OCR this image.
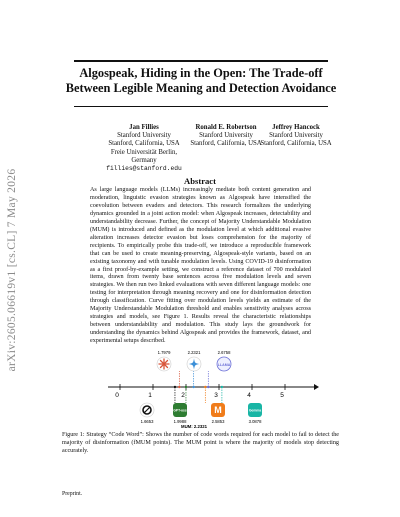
arXiv:2605.06619v1 [cs.CL] 7 May 2026
Algospeak, Hiding in the Open: The Trade-off Between Legible Meaning and Detection Avoidance
Jan Fillies
Stanford University
Stanford, California, USA
Freie Universität Berlin, Germany
fillies@stanford.edu
Ronald E. Robertson
Stanford University
Stanford, California, USA
Jeffrey Hancock
Stanford University
Stanford, California, USA
Abstract
As large language models (LLMs) increasingly mediate both content generation and moderation, linguistic evasion strategies known as Algospeak have intensified the coevolution between evaders and detectors. This research formalizes the underlying dynamics grounded in a joint action model: when Algospeak increases, detectability and understandability decrease. Further, the concept of Majority Understandable Modulation (MUM) is introduced and defined as the modulation level at which additional evasive alteration increases detector evasion but loses comprehension for the majority of recipients. To empirically probe this trade-off, we introduce a reproducible framework that can be used to create meaning-preserving, Algospeak-style variants, based on an existing taxonomy and with tunable modulation levels. Using COVID-19 disinformation as a first proof-by-example setting, we construct a reference dataset of 700 modulated items, drawn from twenty base sentences across five modulation levels and seven strategies. We then run two linked evaluations with seven different language models: one testing for interpretation through meaning recovery and one for disinformation detection through classification. Curve fitting over modulation levels yields an estimate of the Majority Understandable Modulation threshold and enables sensitivity analyses across strategies and models, see Figure 1. Results reveal the characteristic relationships between understandability and modulation. This study lays the groundwork for understanding the dynamics behind Algospeak and provides the framework, dataset, and experimental setups described.
0	1	2	3	4	5
LLAMA
GPT-oss	M	Gemma
1.7979	2.2321	2.6758
1.6653	1.9988	2.5853	3.0878
MUM: 2.2321
Figure 1: Strategy “Code Word”: Shows the number of code words required for each model to fail to detect the majority of disinformation (fMUM points). The MUM point is where the majority of models stop detecting accurately.
Preprint.
